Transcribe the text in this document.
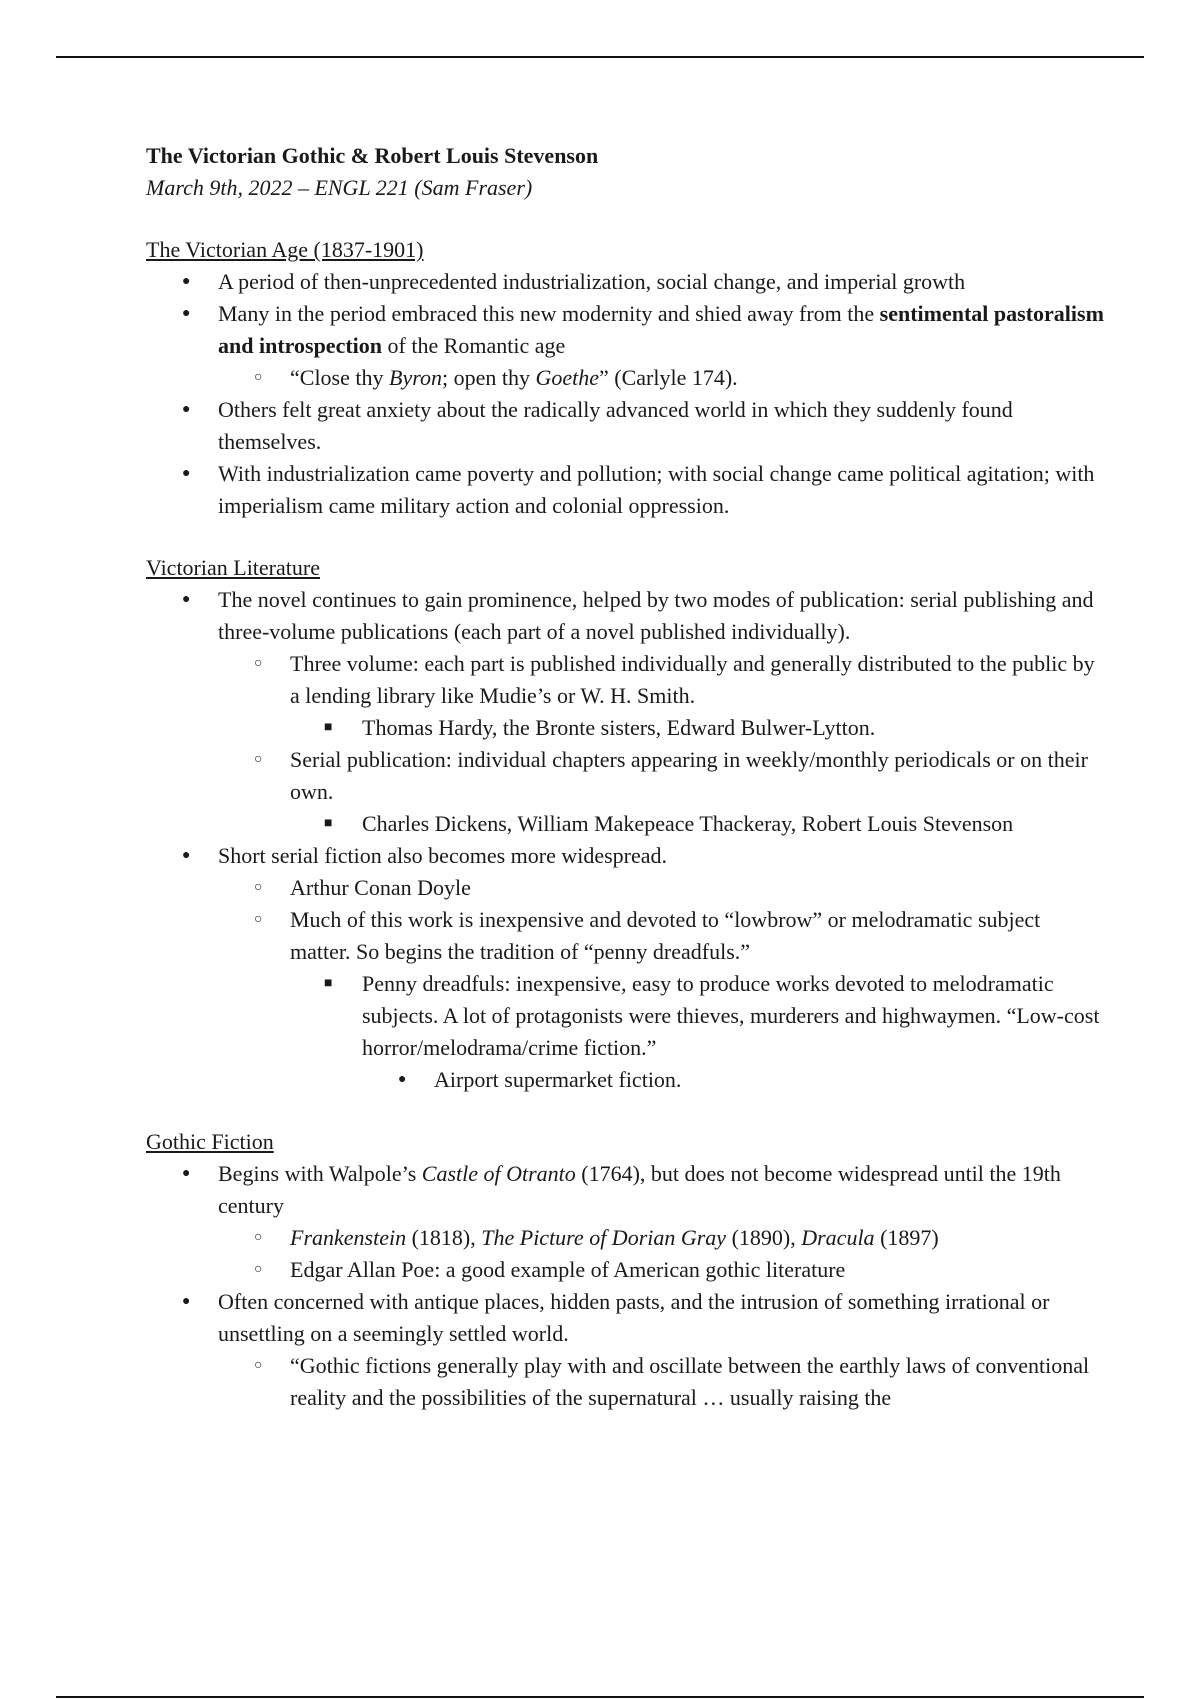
The Victorian Gothic & Robert Louis Stevenson

March 9th, 2022 – ENGL 221 (Sam Fraser)

The Victorian Age (1837-1901)

● A period of then-unprecedented industrialization, social change, and imperial growth
● Many in the period embraced this new modernity and shied away from the sentimental pastoralism and introspection of the Romantic age
○ “Close thy Byron; open thy Goethe” (Carlyle 174).
● Others felt great anxiety about the radically advanced world in which they suddenly found themselves.
● With industrialization came poverty and pollution; with social change came political agitation; with imperialism came military action and colonial oppression.

Victorian Literature

● The novel continues to gain prominence, helped by two modes of publication: serial publishing and three-volume publications (each part of a novel published individually).
○ Three volume: each part is published individually and generally distributed to the public by a lending library like Mudie’s or W. H. Smith.
■ Thomas Hardy, the Bronte sisters, Edward Bulwer-Lytton.
○ Serial publication: individual chapters appearing in weekly/monthly periodicals or on their own.
■ Charles Dickens, William Makepeace Thackeray, Robert Louis Stevenson
● Short serial fiction also becomes more widespread.
○ Arthur Conan Doyle
○ Much of this work is inexpensive and devoted to “lowbrow” or melodramatic subject matter. So begins the tradition of “penny dreadfuls.”
■ Penny dreadfuls: inexpensive, easy to produce works devoted to melodramatic subjects. A lot of protagonists were thieves, murderers and highwaymen. “Low-cost horror/melodrama/crime fiction.”
● Airport supermarket fiction.

Gothic Fiction

● Begins with Walpole’s Castle of Otranto (1764), but does not become widespread until the 19th century
○ Frankenstein (1818), The Picture of Dorian Gray (1890), Dracula (1897)
○ Edgar Allan Poe: a good example of American gothic literature
● Often concerned with antique places, hidden pasts, and the intrusion of something irrational or unsettling on a seemingly settled world.
○ “Gothic fictions generally play with and oscillate between the earthly laws of conventional reality and the possibilities of the supernatural … usually raising the
